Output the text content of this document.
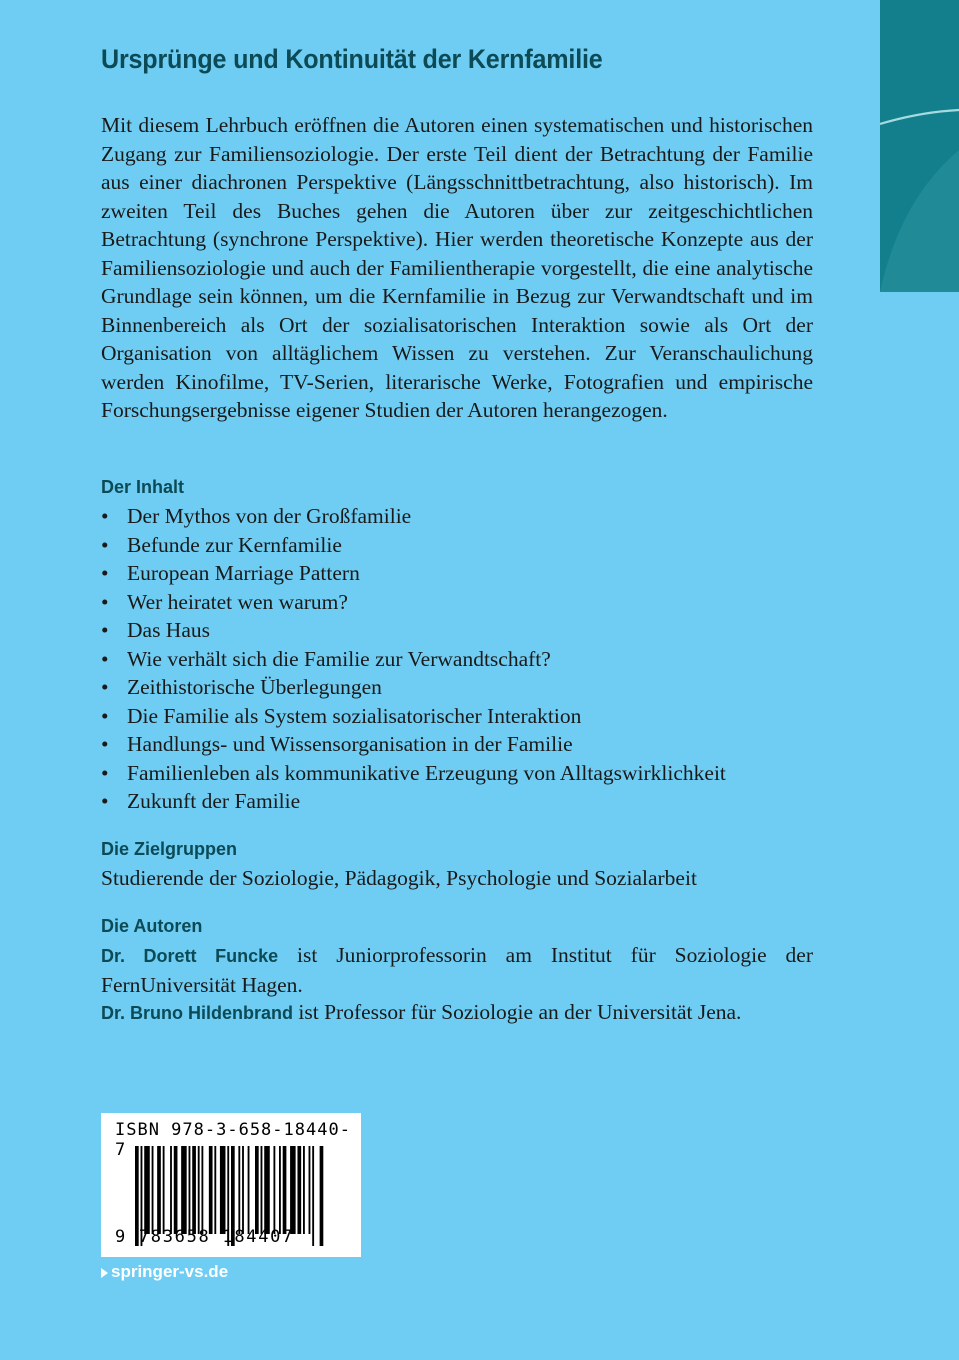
Ursprünge und Kontinuität der Kernfamilie

Mit diesem Lehrbuch eröffnen die Autoren einen systematischen und historischen Zugang zur Familiensoziologie. Der erste Teil dient der Betrachtung der Familie aus einer diachronen Perspektive (Längsschnittbetrachtung, also historisch). Im zweiten Teil des Buches gehen die Autoren über zur zeitgeschichtlichen Betrachtung (synchrone Perspektive). Hier werden theoretische Konzepte aus der Familiensoziologie und auch der Familientherapie vorgestellt, die eine analytische Grundlage sein können, um die Kernfamilie in Bezug zur Verwandtschaft und im Binnenbereich als Ort der sozialisatorischen Interaktion sowie als Ort der Organisation von alltäglichem Wissen zu verstehen. Zur Veranschaulichung werden Kinofilme, TV-Serien, literarische Werke, Fotografien und empirische Forschungsergebnisse eigener Studien der Autoren herangezogen.

Der Inhalt
• Der Mythos von der Großfamilie
• Befunde zur Kernfamilie
• European Marriage Pattern
• Wer heiratet wen warum?
• Das Haus
• Wie verhält sich die Familie zur Verwandtschaft?
• Zeithistorische Überlegungen
• Die Familie als System sozialisatorischer Interaktion
• Handlungs- und Wissensorganisation in der Familie
• Familienleben als kommunikative Erzeugung von Alltagswirklichkeit
• Zukunft der Familie
Die Zielgruppen

Studierende der Soziologie, Pädagogik, Psychologie und Sozialarbeit

Die Autoren

Dr. Dorett Funcke ist Juniorprofessorin am Institut für Soziologie der FernUniversität Hagen.

Dr. Bruno Hildenbrand ist Professor für Soziologie an der Universität Jena.

ISBN 978-3-658-18440-7
9 783658 184407
springer-vs.de
